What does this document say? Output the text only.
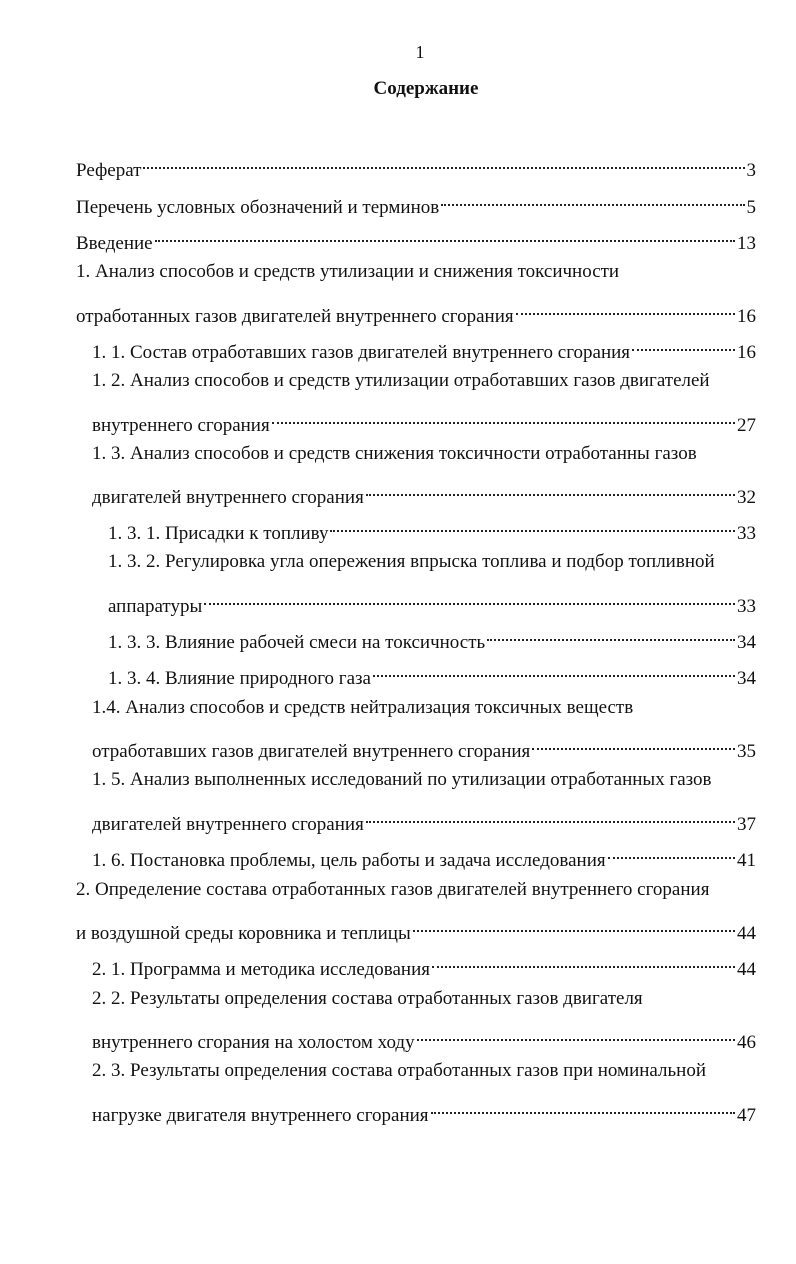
1
Содержание
Реферат	3
Перечень условных обозначений и терминов	5
Введение	13
1. Анализ способов и средств утилизации и снижения токсичности
отработанных газов двигателей внутреннего сгорания	16
1. 1. Состав отработавших газов двигателей внутреннего сгорания	16
1. 2. Анализ способов и средств утилизации отработавших газов двигателей
внутреннего сгорания	27
1. 3. Анализ способов и средств снижения токсичности отработанны газов
двигателей внутреннего сгорания	32
1. 3. 1. Присадки к топливу	33
1. 3. 2. Регулировка угла опережения впрыска топлива и подбор топливной
аппаратуры	33
1. 3. 3. Влияние рабочей смеси на токсичность	34
1. 3. 4. Влияние природного газа	34
1.4. Анализ способов и средств нейтрализация токсичных веществ
отработавших газов двигателей внутреннего сгорания	35
1. 5. Анализ выполненных исследований по утилизации отработанных газов
двигателей внутреннего сгорания	37
1. 6. Постановка проблемы, цель работы и задача исследования	41
2. Определение состава отработанных газов двигателей внутреннего сгорания
и воздушной среды коровника и теплицы	44
2. 1. Программа и методика исследования	44
2. 2. Результаты определения состава отработанных газов двигателя
внутреннего сгорания на холостом ходу	46
2. 3. Результаты определения состава отработанных газов при номинальной
нагрузке двигателя внутреннего сгорания	47
